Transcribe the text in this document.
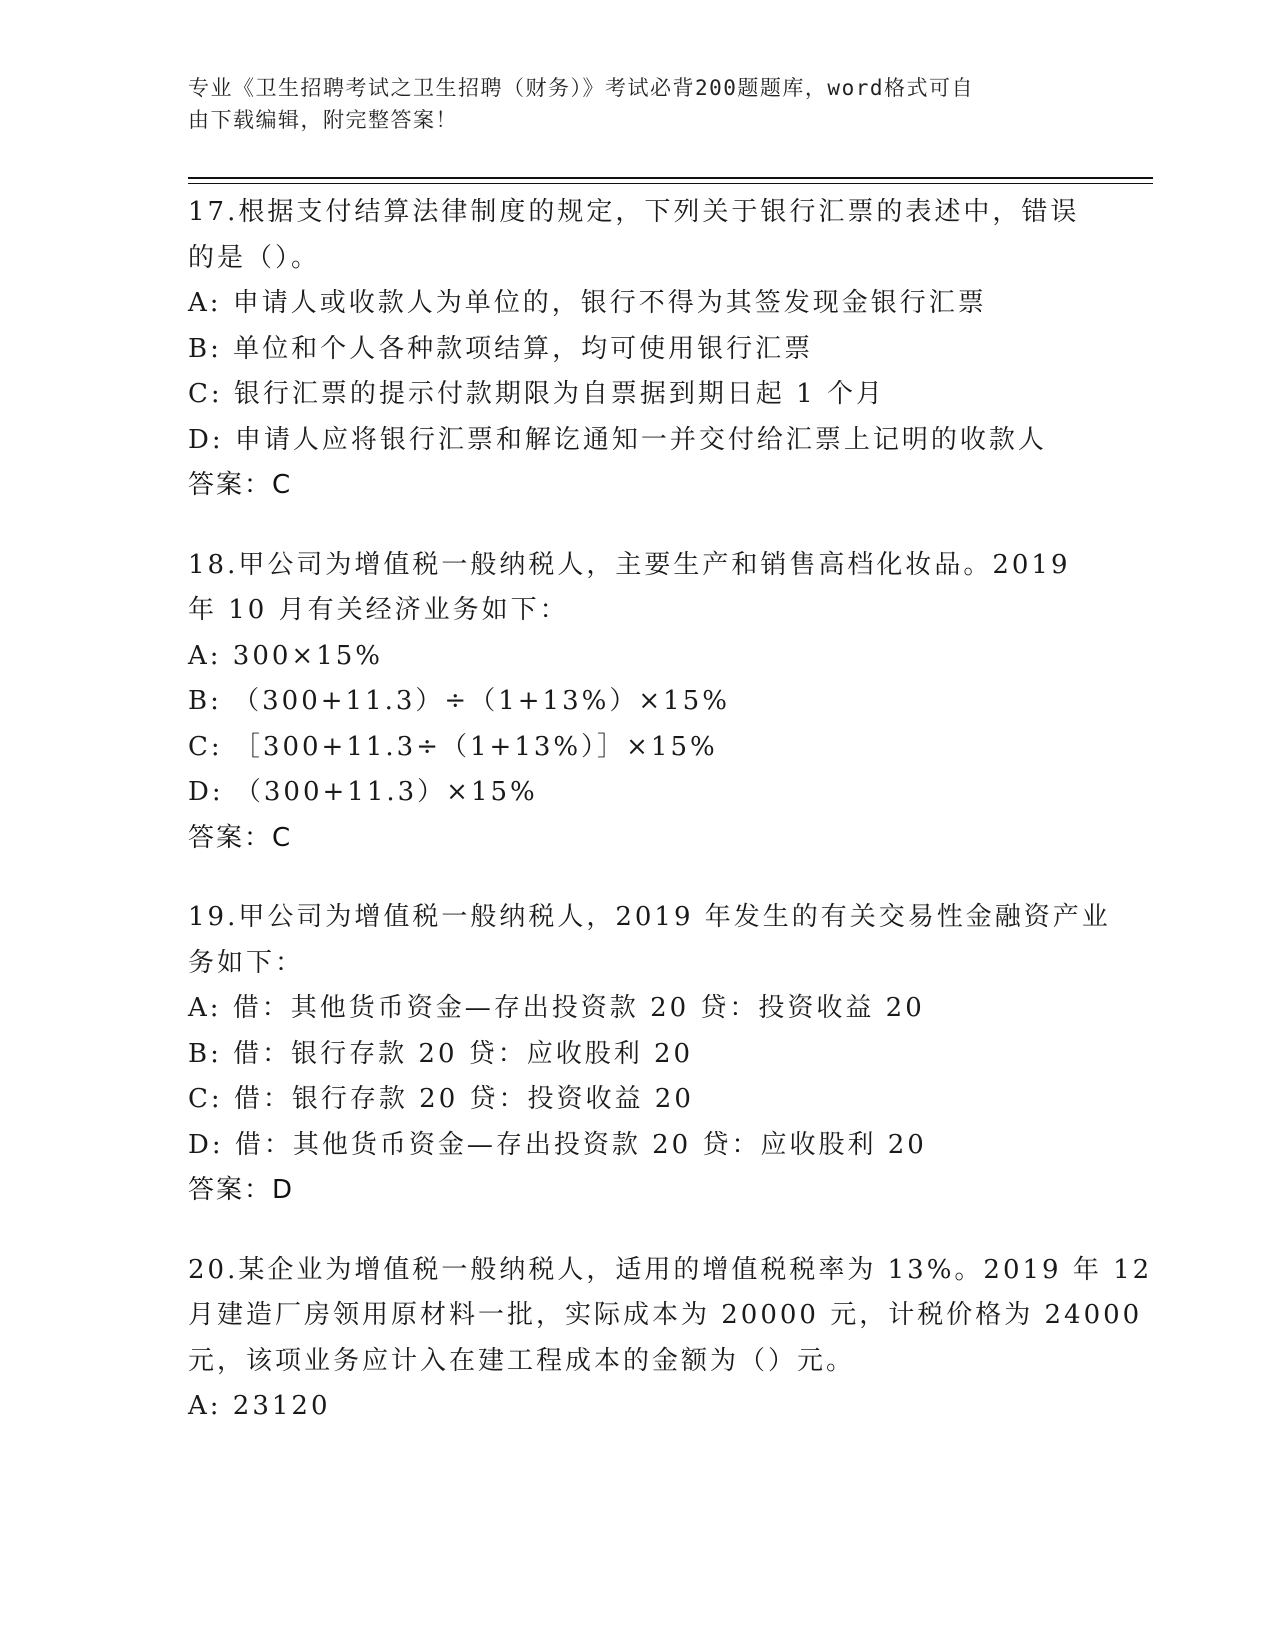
专业《卫生招聘考试之卫生招聘（财务）》考试必背200题题库，word格式可自
由下载编辑，附完整答案！
17.根据支付结算法律制度的规定，下列关于银行汇票的表述中，错误
的是（）。
A: 申请人或收款人为单位的，银行不得为其签发现金银行汇票
B: 单位和个人各种款项结算，均可使用银行汇票
C: 银行汇票的提示付款期限为自票据到期日起 1 个月
D: 申请人应将银行汇票和解讫通知一并交付给汇票上记明的收款人
答案：C
18.甲公司为增值税一般纳税人，主要生产和销售高档化妆品。2019
年 10 月有关经济业务如下：
A: 300×15%
B: （300+11.3）÷（1+13%）×15%
C: ［300+11.3÷（1+13%）］×15%
D: （300+11.3）×15%
答案：C
19.甲公司为增值税一般纳税人，2019 年发生的有关交易性金融资产业
务如下：
A: 借：其他货币资金—存出投资款 20 贷：投资收益 20
B: 借：银行存款 20 贷：应收股利 20
C: 借：银行存款 20 贷：投资收益 20
D: 借：其他货币资金—存出投资款 20 贷：应收股利 20
答案：D
20.某企业为增值税一般纳税人，适用的增值税税率为 13%。2019 年 12
月建造厂房领用原材料一批，实际成本为 20000 元，计税价格为 24000
元，该项业务应计入在建工程成本的金额为（）元。
A: 23120
